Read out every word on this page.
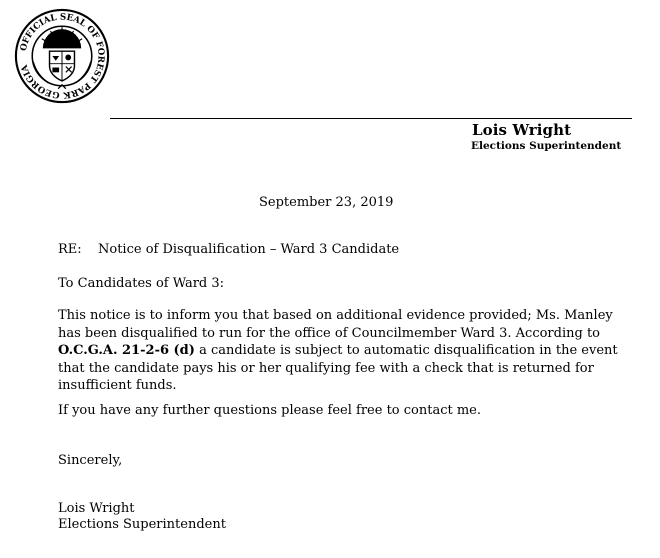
OFFICIAL SEAL OF FOREST PARK GEORGIA
Lois Wright
Elections Superintendent
September 23, 2019
RE: Notice of Disqualification – Ward 3 Candidate
To Candidates of Ward 3:
This notice is to inform you that based on additional evidence provided; Ms. Manley has been disqualified to run for the office of Councilmember Ward 3. According to O.C.G.A. 21-2-6 (d) a candidate is subject to automatic disqualification in the event that the candidate pays his or her qualifying fee with a check that is returned for insufficient funds.
If you have any further questions please feel free to contact me.
Sincerely,
Lois Wright
Elections Superintendent
